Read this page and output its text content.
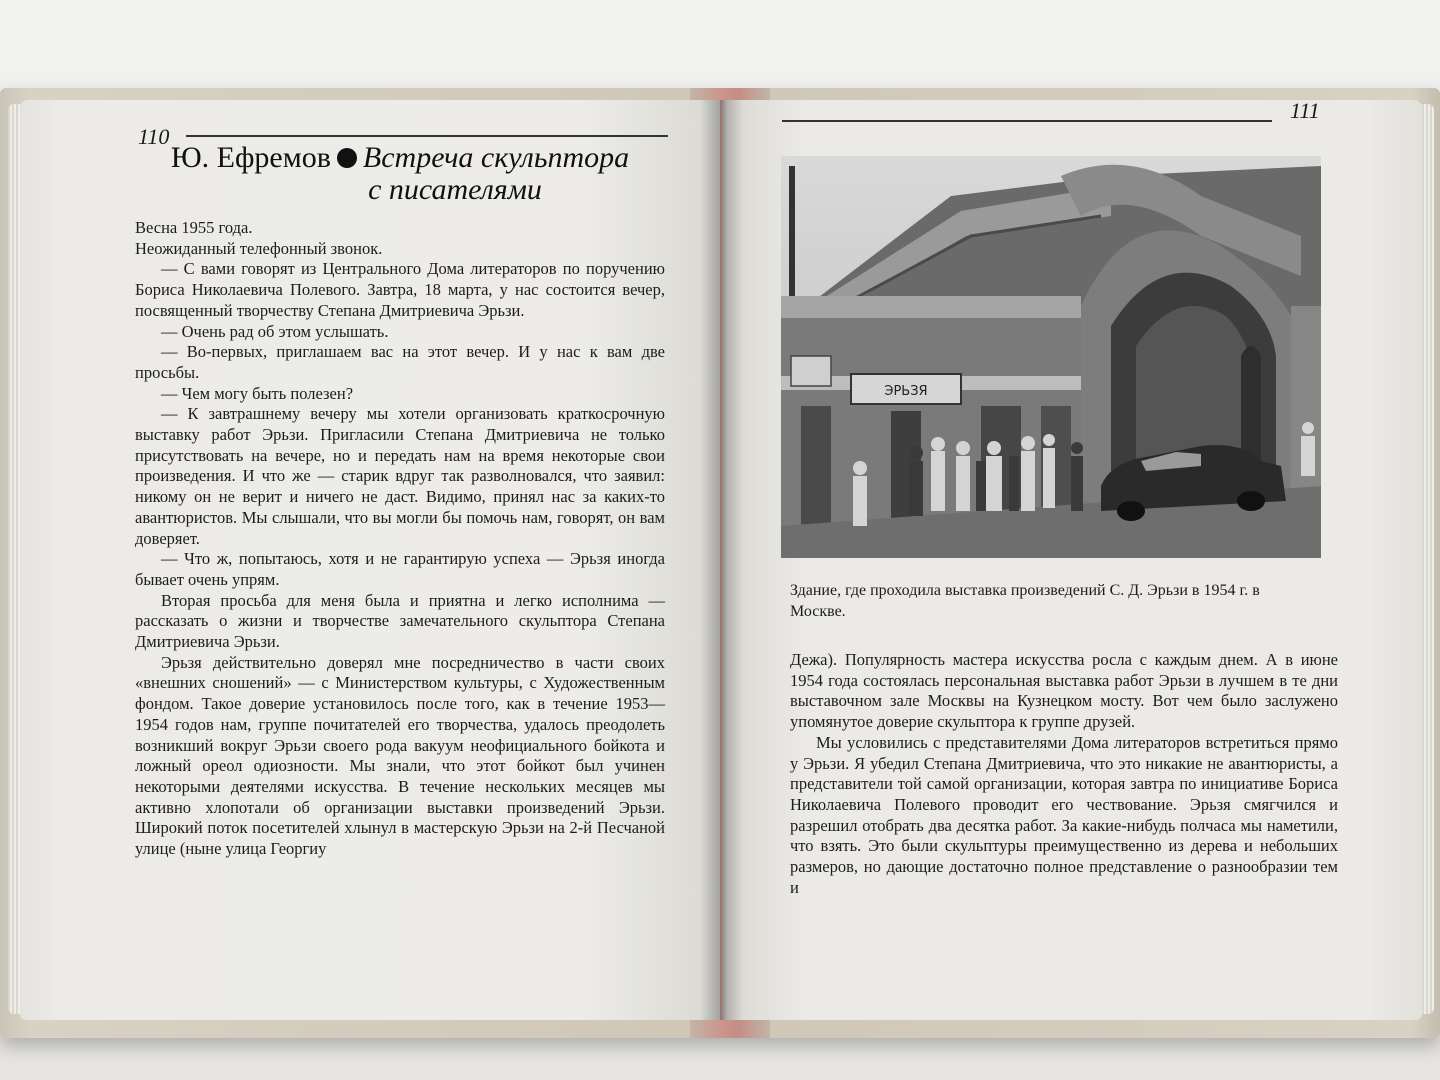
110
Ю. Ефремов Встреча скульптора
с писателями

Весна 1955 года.

Неожиданный телефонный звонок.

— С вами говорят из Центрального Дома литераторов по поручению Бориса Николаевича Полевого. Завтра, 18 марта, у нас состоится вечер, посвященный творчеству Степана Дмитриевича Эрьзи.

— Очень рад об этом услышать.

— Во-первых, приглашаем вас на этот вечер. И у нас к вам две просьбы.

— Чем могу быть полезен?

— К завтрашнему вечеру мы хотели организовать краткосрочную выставку работ Эрьзи. Пригласили Степана Дмитриевича не только присутствовать на вечере, но и передать нам на время некоторые свои произведения. И что же — старик вдруг так разволновался, что заявил: никому он не верит и ничего не даст. Видимо, принял нас за каких-то авантюристов. Мы слышали, что вы могли бы помочь нам, говорят, он вам доверяет.

— Что ж, попытаюсь, хотя и не гарантирую успеха — Эрьзя иногда бывает очень упрям.

Вторая просьба для меня была и приятна и легко исполнима — рассказать о жизни и творчестве замечательного скульптора Степана Дмитриевича Эрьзи.

Эрьзя действительно доверял мне посредничество в части своих «внешних сношений» — с Министерством культуры, с Художественным фондом. Такое доверие установилось после того, как в течение 1953—1954 годов нам, группе почитателей его творчества, удалось преодолеть возникший вокруг Эрьзи своего рода вакуум неофициального бойкота и ложный ореол одиозности. Мы знали, что этот бойкот был учинен некоторыми деятелями искусства. В течение нескольких месяцев мы активно хлопотали об организации выставки произведений Эрьзи. Широкий поток посетителей хлынул в мастерскую Эрьзи на 2-й Песчаной улице (ныне улица Георгиу

111
ЭРЬЗЯ
Здание, где проходила выставка произведений С. Д. Эрьзи в 1954 г. в Москве.

Дежа). Популярность мастера искусства росла с каждым днем. А в июне 1954 года состоялась персональная выставка работ Эрьзи в лучшем в те дни выставочном зале Москвы на Кузнецком мосту. Вот чем было заслужено упомянутое доверие скульптора к группе друзей.

Мы условились с представителями Дома литераторов встретиться прямо у Эрьзи. Я убедил Степана Дмитриевича, что это никакие не авантюристы, а представители той самой организации, которая завтра по инициативе Бориса Николаевича Полевого проводит его чествование. Эрьзя смягчился и разрешил отобрать два десятка работ. За какие-нибудь полчаса мы наметили, что взять. Это были скульптуры преимущественно из дерева и небольших размеров, но дающие достаточно полное представление о разнообразии тем и
